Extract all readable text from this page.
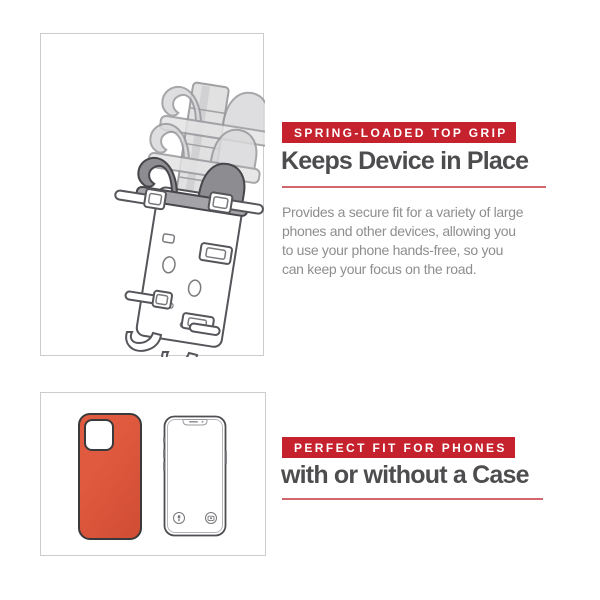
SPRING-LOADED TOP GRIP
Keeps Device in Place
Provides a secure fit for a variety of large
phones and other devices, allowing you
to use your phone hands-free, so you
can keep your focus on the road.
PERFECT FIT FOR PHONES
with or without a Case
